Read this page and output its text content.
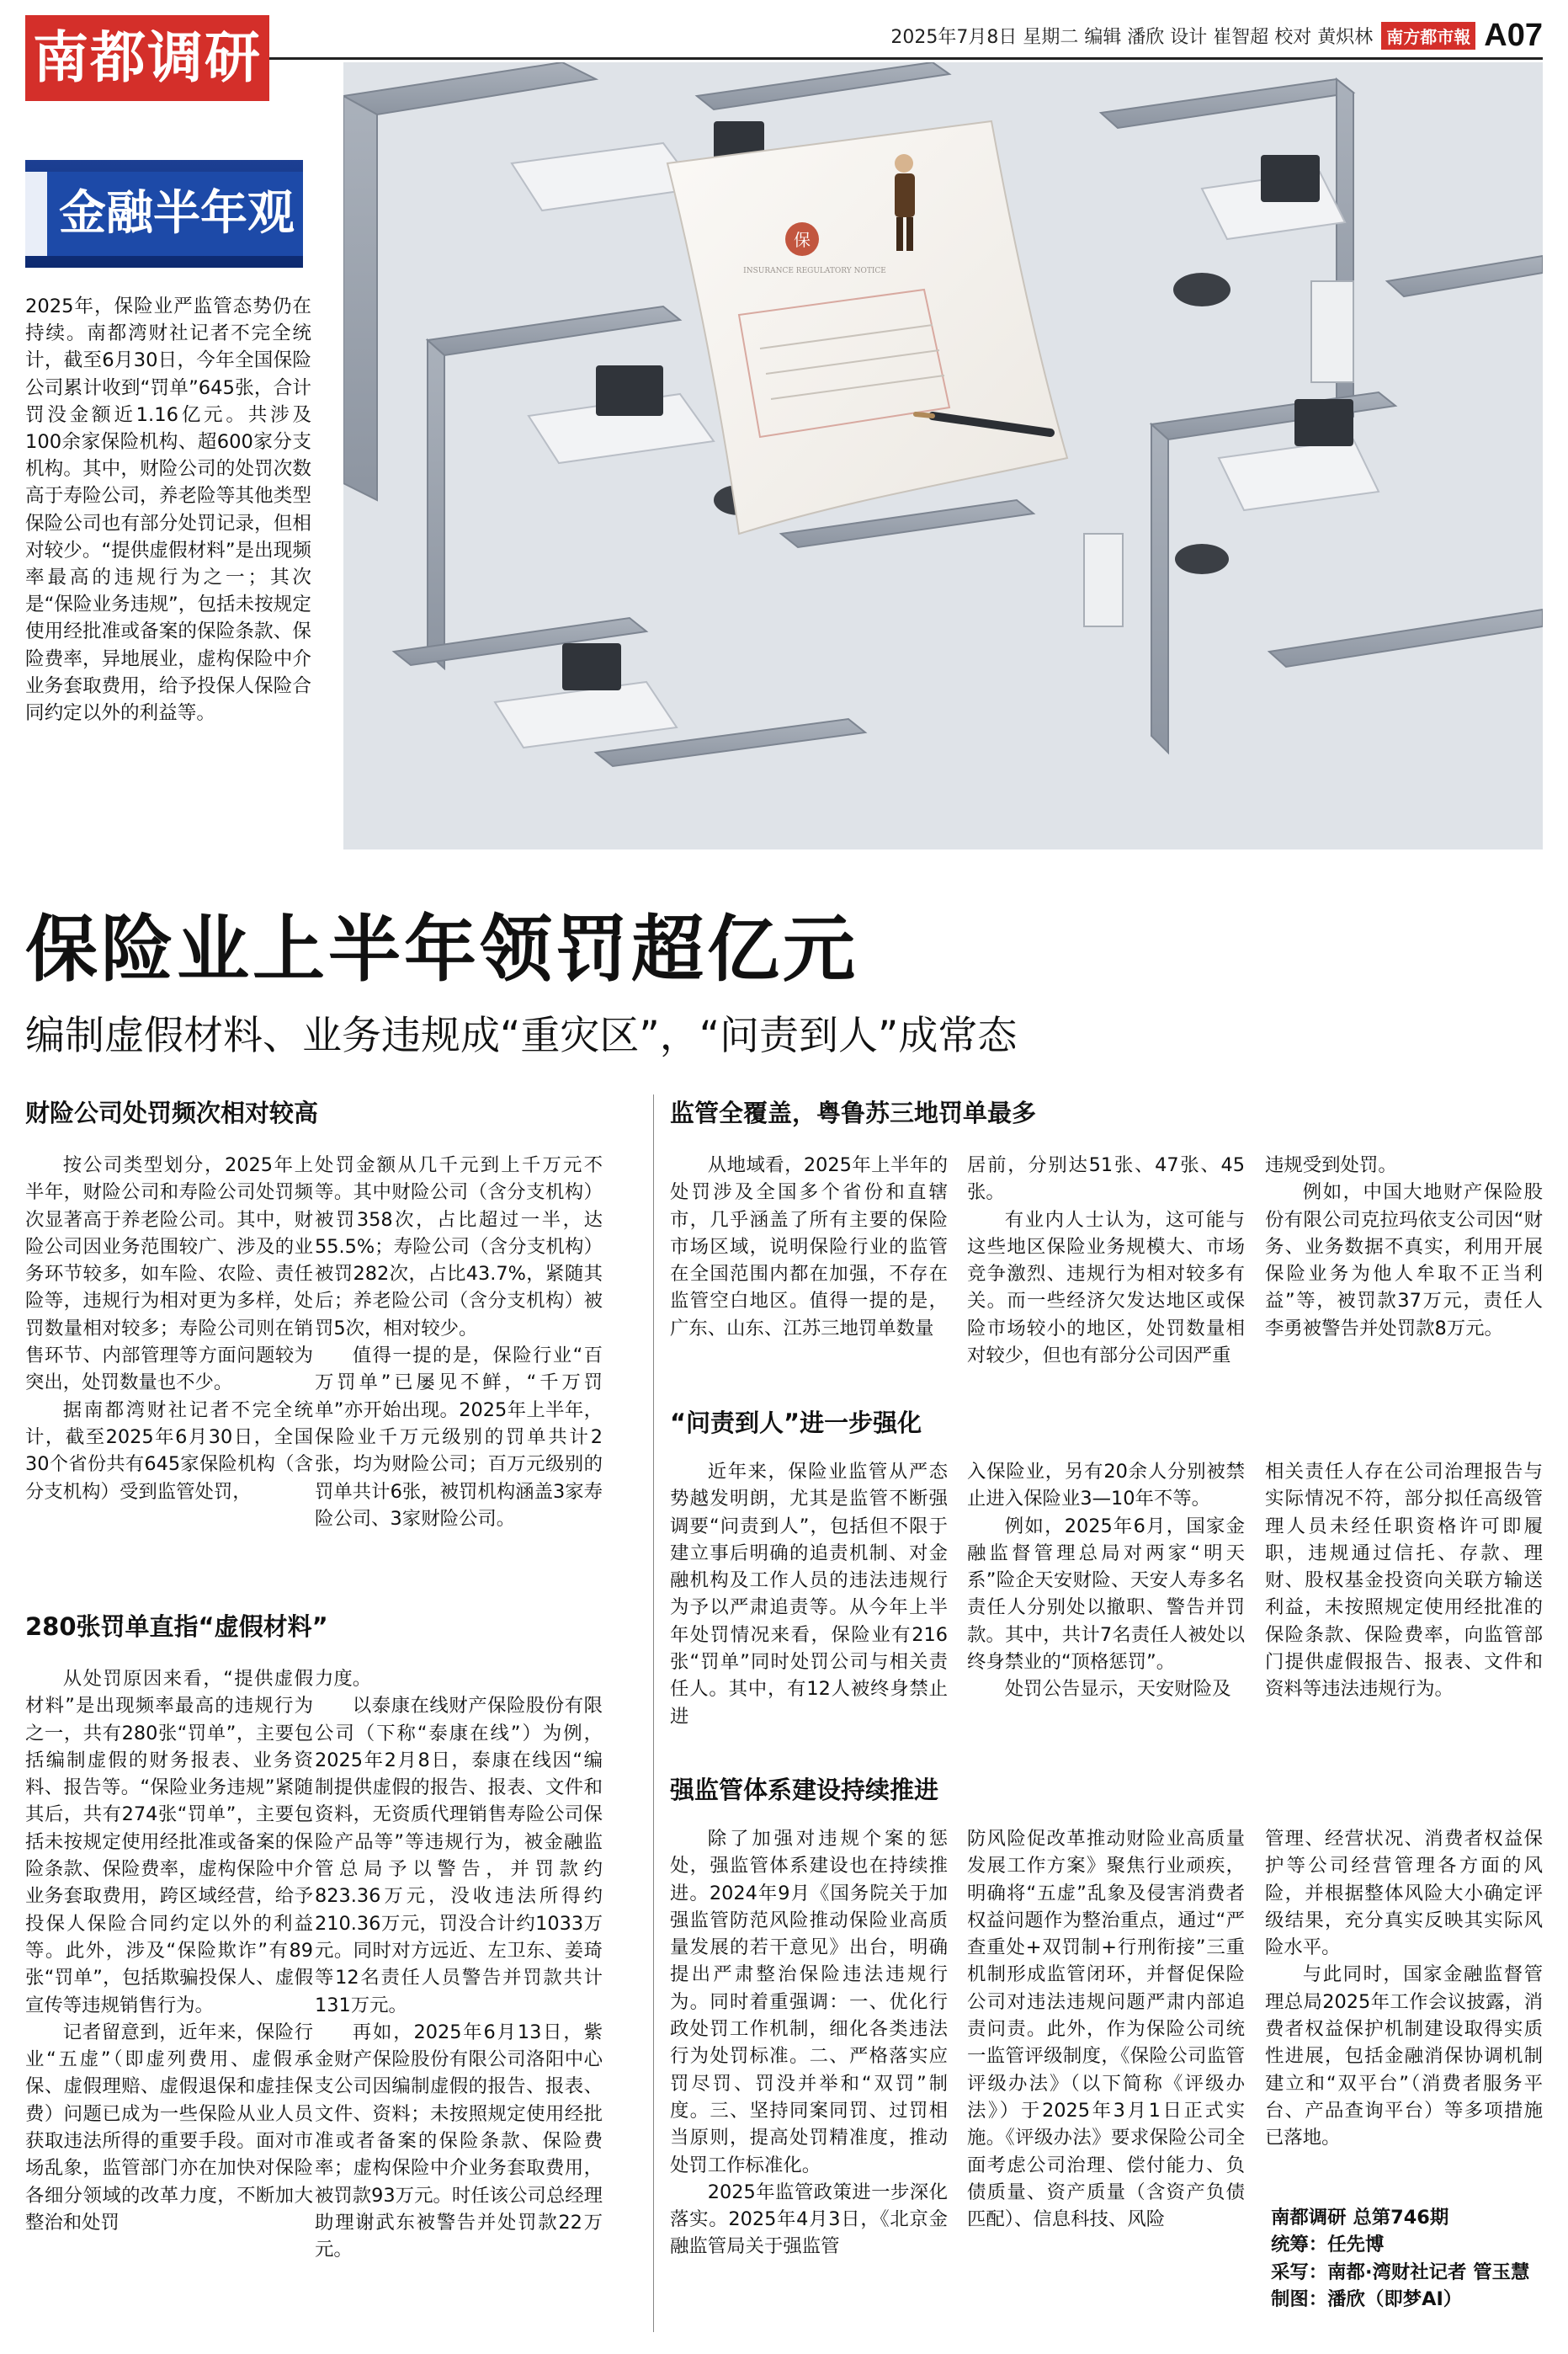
南都调研	2025年7月8日 星期二 编辑 潘欣 设计 崔智超 校对 黄炽林 南方都市報 A07
金融半年观
2025年，保险业严监管态势仍在持续。南都湾财社记者不完全统计，截至6月30日，今年全国保险公司累计收到“罚单”645张，合计罚没金额近1.16亿元。共涉及100余家保险机构、超600家分支机构。其中，财险公司的处罚次数高于寿险公司，养老险等其他类型保险公司也有部分处罚记录，但相对较少。“提供虚假材料”是出现频率最高的违规行为之一；其次是“保险业务违规”，包括未按规定使用经批准或备案的保险条款、保险费率，异地展业，虚构保险中介业务套取费用，给予投保人保险合同约定以外的利益等。
保
INSURANCE REGULATORY NOTICE
保险业上半年领罚超亿元
编制虚假材料、业务违规成“重灾区”，“问责到人”成常态
财险公司处罚频次相对较高

按公司类型划分，2025年上半年，财险公司和寿险公司处罚频次显著高于养老险公司。其中，财险公司因业务范围较广、涉及的业务环节较多，如车险、农险、责任险等，违规行为相对更为多样，处罚数量相对较多；寿险公司则在销售环节、内部管理等方面问题较为突出，处罚数量也不少。

据南都湾财社记者不完全统计，截至2025年6月30日，全国30个省份共有645家保险机构（含分支机构）受到监管处罚，

处罚金额从几千元到上千万元不等。其中财险公司（含分支机构）被罚358次，占比超过一半，达55.5%；寿险公司（含分支机构）被罚282次，占比43.7%，紧随其后；养老险公司（含分支机构）被罚5次，相对较少。

值得一提的是，保险行业“百万罚单”已屡见不鲜，“千万罚单”亦开始出现。2025年上半年，保险业千万元级别的罚单共计2张，均为财险公司；百万元级别的罚单共计6张，被罚机构涵盖3家寿险公司、3家财险公司。

280张罚单直指“虚假材料”

从处罚原因来看，“提供虚假材料”是出现频率最高的违规行为之一，共有280张“罚单”，主要包括编制虚假的财务报表、业务资料、报告等。“保险业务违规”紧随其后，共有274张“罚单”，主要包括未按规定使用经批准或备案的保险条款、保险费率，虚构保险中介业务套取费用，跨区域经营，给予投保人保险合同约定以外的利益等。此外，涉及“保险欺诈”有89张“罚单”，包括欺骗投保人、虚假宣传等违规销售行为。

记者留意到，近年来，保险行业“五虚”（即虚列费用、虚假承保、虚假理赔、虚假退保和虚挂保费）问题已成为一些保险从业人员获取违法所得的重要手段。面对市场乱象，监管部门亦在加快对保险各细分领域的改革力度，不断加大整治和处罚

力度。

以泰康在线财产保险股份有限公司（下称“泰康在线”）为例，2025年2月8日，泰康在线因“编制提供虚假的报告、报表、文件和资料，无资质代理销售寿险公司保险产品等”等违规行为，被金融监管总局予以警告，并罚款约823.36万元，没收违法所得约210.36万元，罚没合计约1033万元。同时对方远近、左卫东、姜琦等12名责任人员警告并罚款共计131万元。

再如，2025年6月13日，紫金财产保险股份有限公司洛阳中心支公司因编制虚假的报告、报表、文件、资料；未按照规定使用经批准或者备案的保险条款、保险费率；虚构保险中介业务套取费用，被罚款93万元。时任该公司总经理助理谢武东被警告并处罚款22万元。

监管全覆盖，粤鲁苏三地罚单最多

从地域看，2025年上半年的处罚涉及全国多个省份和直辖市，几乎涵盖了所有主要的保险市场区域，说明保险行业的监管在全国范围内都在加强，不存在监管空白地区。值得一提的是，广东、山东、江苏三地罚单数量

居前，分别达51张、47张、45张。

有业内人士认为，这可能与这些地区保险业务规模大、市场竞争激烈、违规行为相对较多有关。而一些经济欠发达地区或保险市场较小的地区，处罚数量相对较少，但也有部分公司因严重

违规受到处罚。

例如，中国大地财产保险股份有限公司克拉玛依支公司因“财务、业务数据不真实，利用开展保险业务为他人牟取不正当利益”等，被罚款37万元，责任人李勇被警告并处罚款8万元。

“问责到人”进一步强化

近年来，保险业监管从严态势越发明朗，尤其是监管不断强调要“问责到人”，包括但不限于建立事后明确的追责机制、对金融机构及工作人员的违法违规行为予以严肃追责等。从今年上半年处罚情况来看，保险业有216张“罚单”同时处罚公司与相关责任人。其中，有12人被终身禁止进

入保险业，另有20余人分别被禁止进入保险业3—10年不等。

例如，2025年6月，国家金融监督管理总局对两家“明天系”险企天安财险、天安人寿多名责任人分别处以撤职、警告并罚款。其中，共计7名责任人被处以终身禁业的“顶格惩罚”。

处罚公告显示，天安财险及

相关责任人存在公司治理报告与实际情况不符，部分拟任高级管理人员未经任职资格许可即履职，违规通过信托、存款、理财、股权基金投资向关联方输送利益，未按照规定使用经批准的保险条款、保险费率，向监管部门提供虚假报告、报表、文件和资料等违法违规行为。
强监管体系建设持续推进

除了加强对违规个案的惩处，强监管体系建设也在持续推进。2024年9月《国务院关于加强监管防范风险推动保险业高质量发展的若干意见》出台，明确提出严肃整治保险违法违规行为。同时着重强调：一、优化行政处罚工作机制，细化各类违法行为处罚标准。二、严格落实应罚尽罚、罚没并举和“双罚”制度。三、坚持同案同罚、过罚相当原则，提高处罚精准度，推动处罚工作标准化。

2025年监管政策进一步深化落实。2025年4月3日，《北京金融监管局关于强监管

防风险促改革推动财险业高质量发展工作方案》聚焦行业顽疾，明确将“五虚”乱象及侵害消费者权益问题作为整治重点，通过“严查重处+双罚制+行刑衔接”三重机制形成监管闭环，并督促保险公司对违法违规问题严肃内部追责问责。此外，作为保险公司统一监管评级制度，《保险公司监管评级办法》（以下简称《评级办法》）于2025年3月1日正式实施。《评级办法》要求保险公司全面考虑公司治理、偿付能力、负债质量、资产质量（含资产负债匹配）、信息科技、风险
管理、经营状况、消费者权益保护等公司经营管理各方面的风险，并根据整体风险大小确定评级结果，充分真实反映其实际风险水平。

与此同时，国家金融监督管理总局2025年工作会议披露，消费者权益保护机制建设取得实质性进展，包括金融消保协调机制建立和“双平台”（消费者服务平台、产品查询平台）等多项措施已落地。

南都调研 总第746期
统筹：任先博
采写：南都·湾财社记者 管玉慧
制图：潘欣（即梦AI）
